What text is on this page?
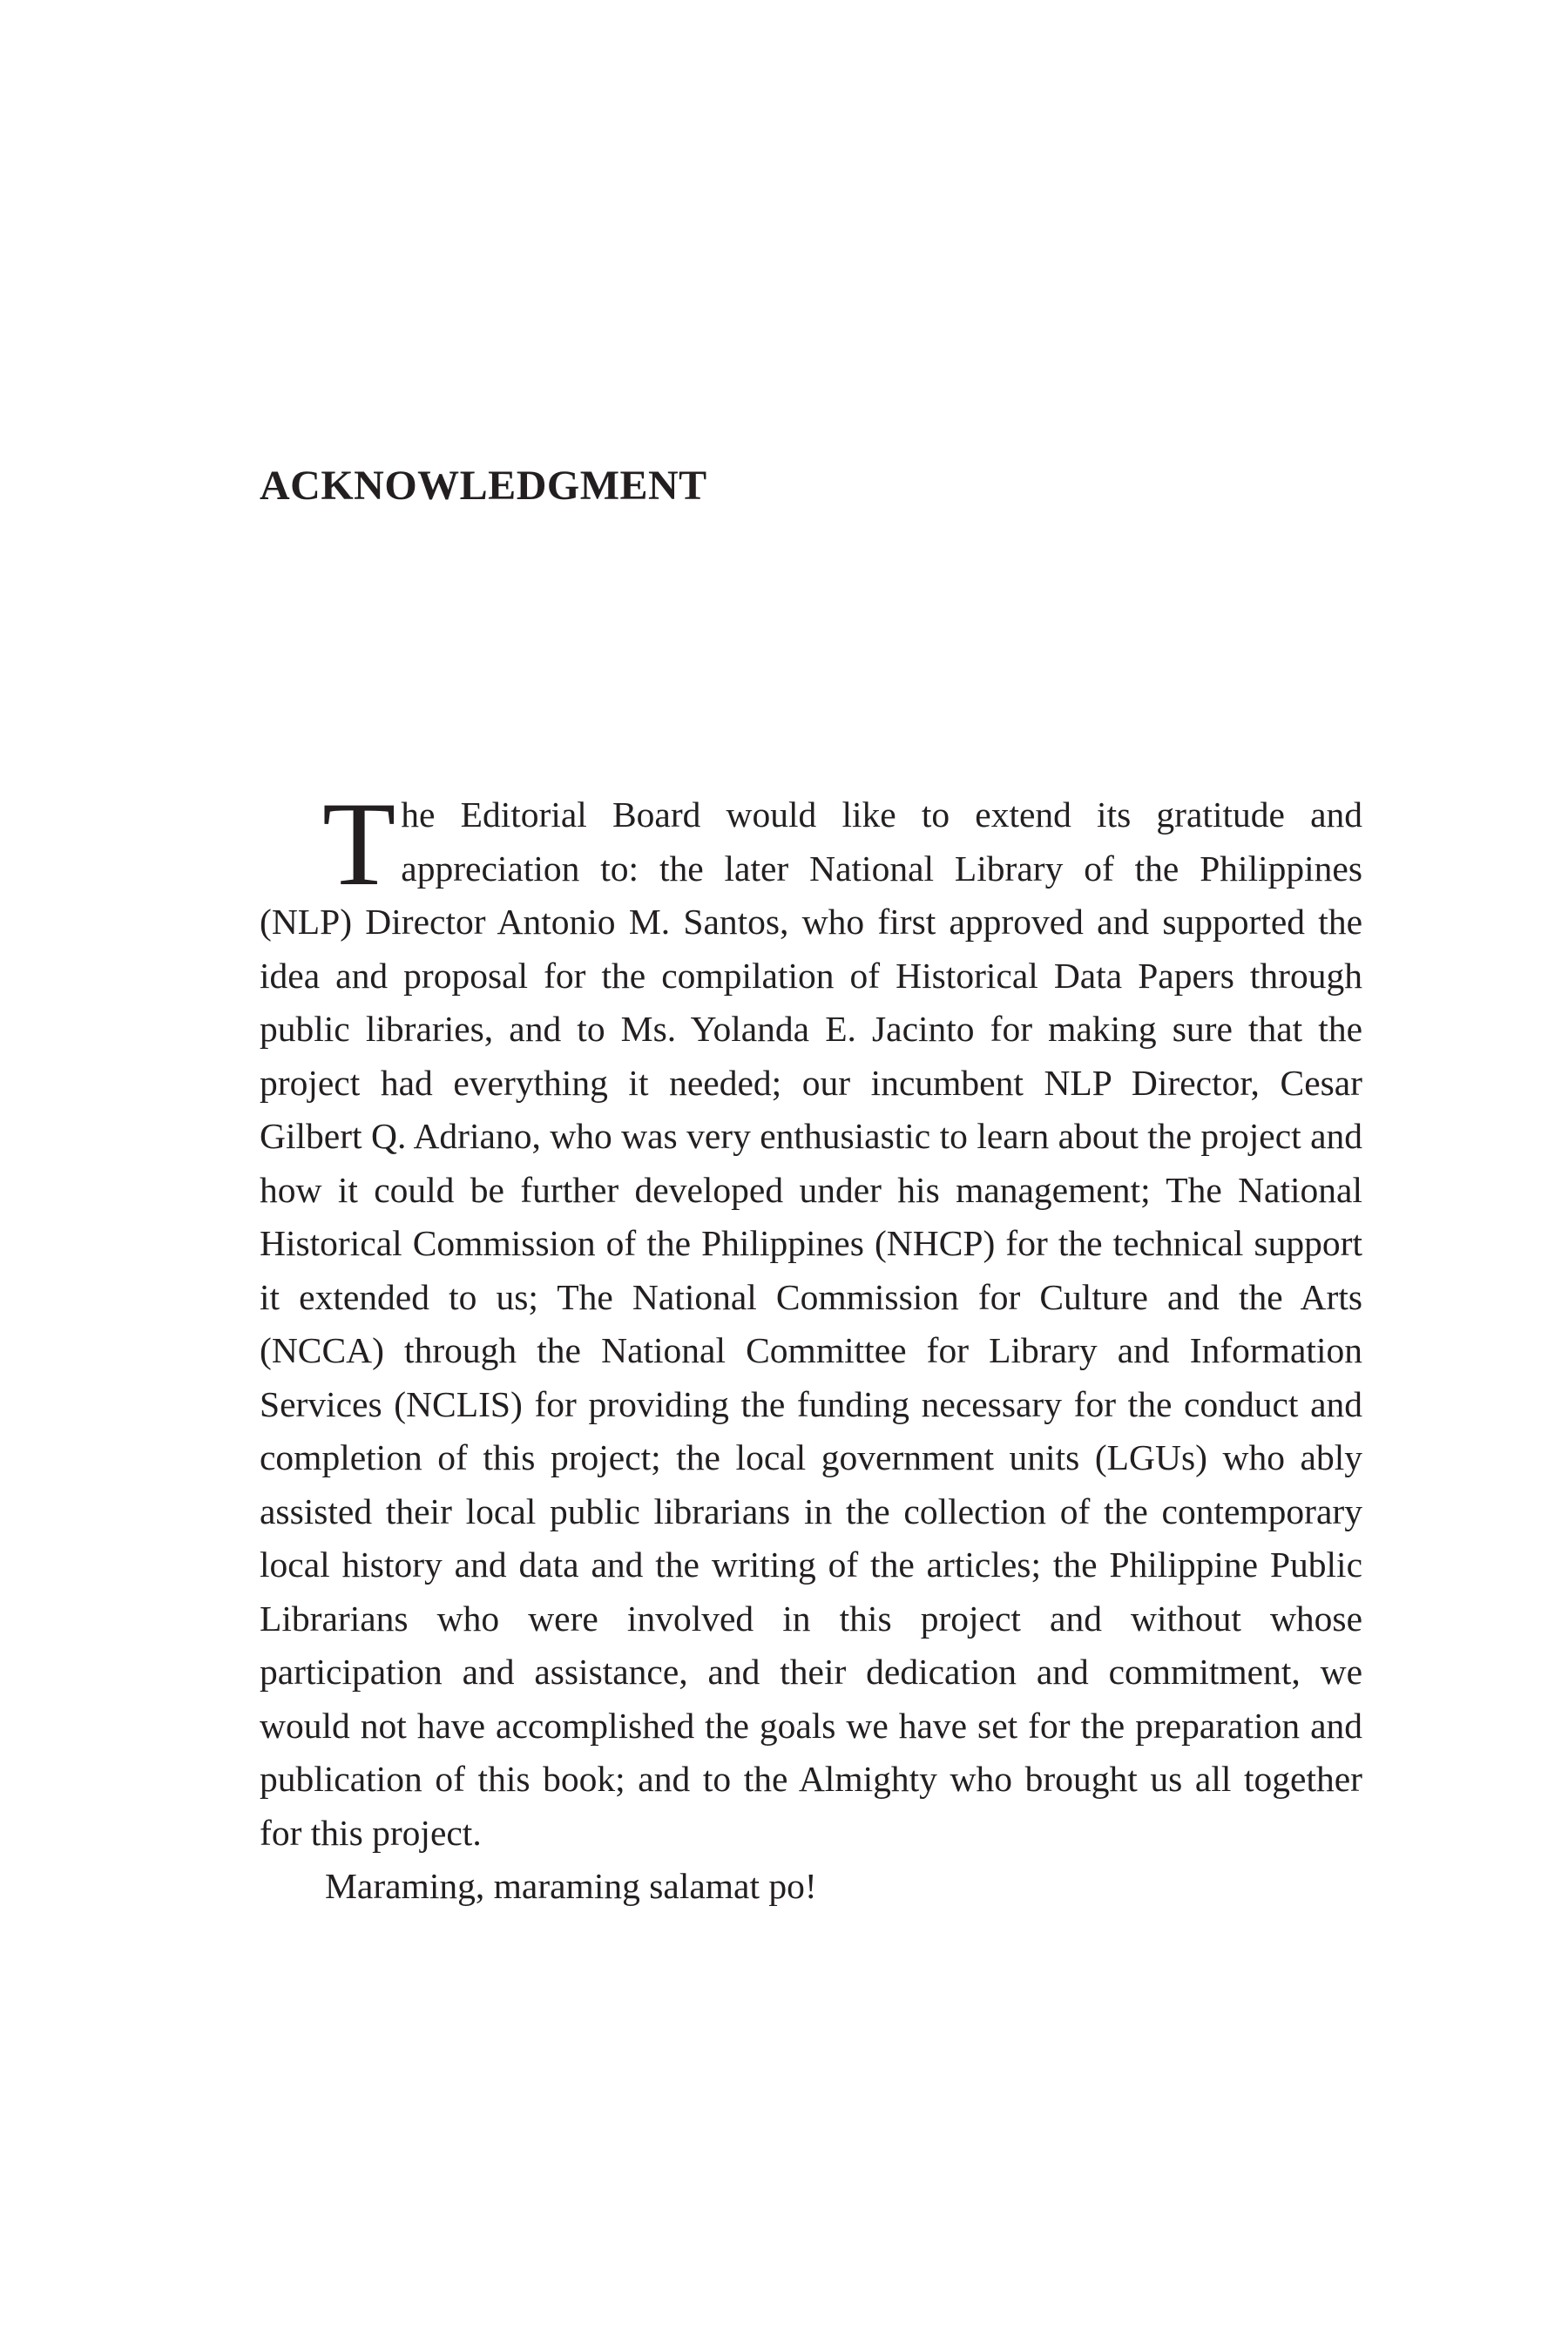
ACKNOWLEDGMENT

The Editorial Board would like to extend its gratitude and appreciation to: the later National Library of the Philippines (NLP) Director Antonio M. Santos, who first approved and supported the idea and proposal for the compilation of Historical Data Papers through public libraries, and to Ms. Yolanda E. Jacinto for making sure that the project had everything it needed; our incumbent NLP Director, Cesar Gilbert Q. Adriano, who was very enthusiastic to learn about the project and how it could be further developed under his management; The National Historical Commission of the Philippines (NHCP) for the technical support it extended to us; The National Commission for Culture and the Arts (NCCA) through the National Committee for Library and Information Services (NCLIS) for providing the funding necessary for the conduct and completion of this project; the local government units (LGUs) who ably assisted their local public librarians in the collection of the contemporary local history and data and the writing of the articles; the Philippine Public Librarians who were involved in this project and without whose participation and assistance, and their dedication and commitment, we would not have accomplished the goals we have set for the preparation and publication of this book; and to the Almighty who brought us all together for this project.

Maraming, maraming salamat po!
